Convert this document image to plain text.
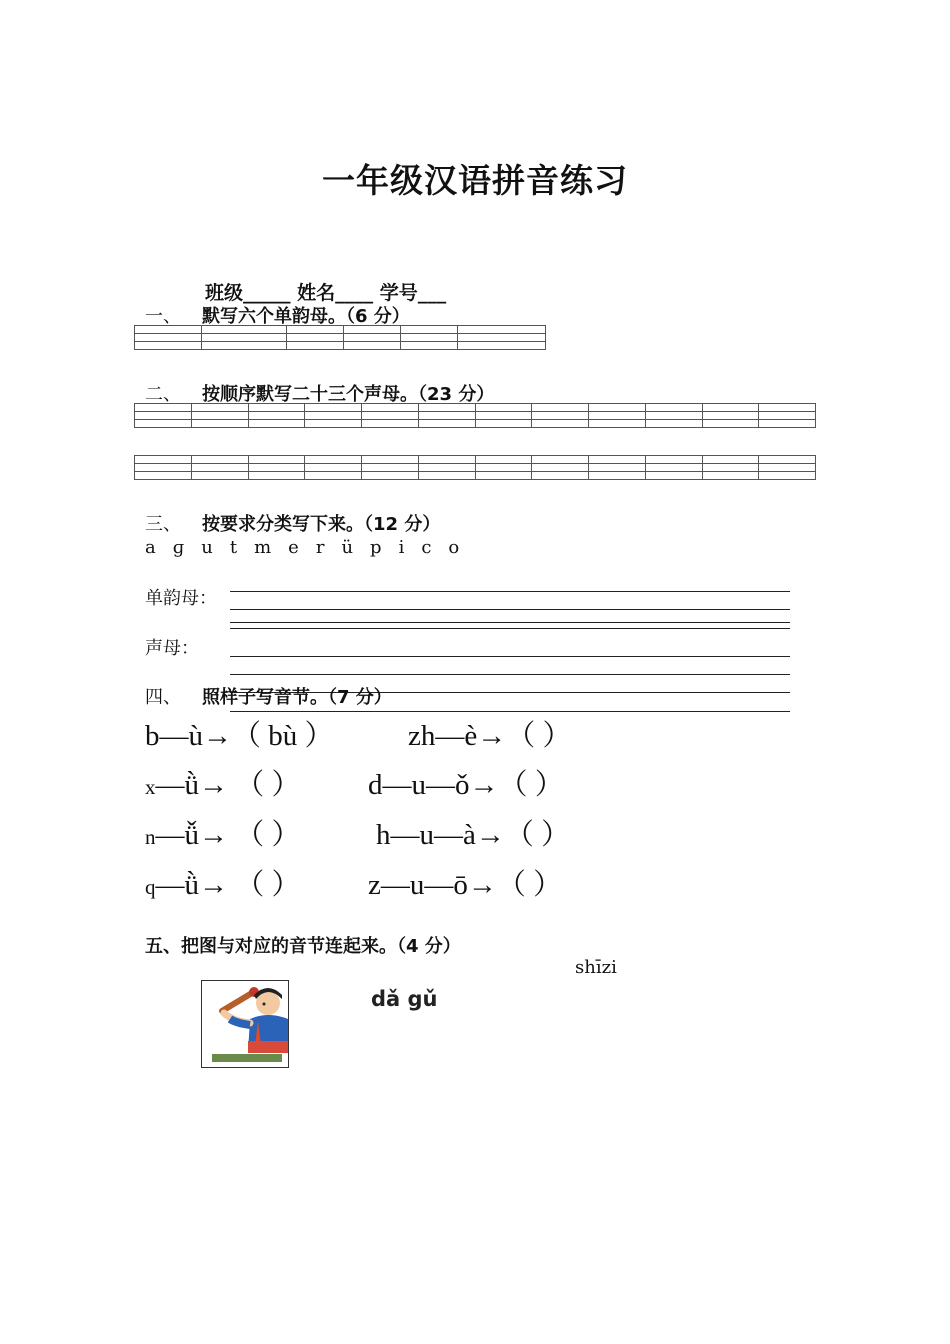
一年级汉语拼音练习
班级_____ 姓名____ 学号___
一、 默写六个单韵母。（6 分）

二、 按顺序默写二十三个声母。（23 分）

三、 按要求分类写下来。（12 分）
a ɡ u t m e r ü p i c o
单韵母：
声母：
四、 照样子写音节。（7 分）
b—ù→（ bù ）	zh—è→（ ）
x—ǜ→ （ ） d—u—ǒ→（ ）
n—ǚ→ （ ）	h—u—à→（ ）
q—ǜ→ （ ） z—u—ō→（ ）
五、把图与对应的音节连起来。（4 分）
shīzi
dǎ gǔ
